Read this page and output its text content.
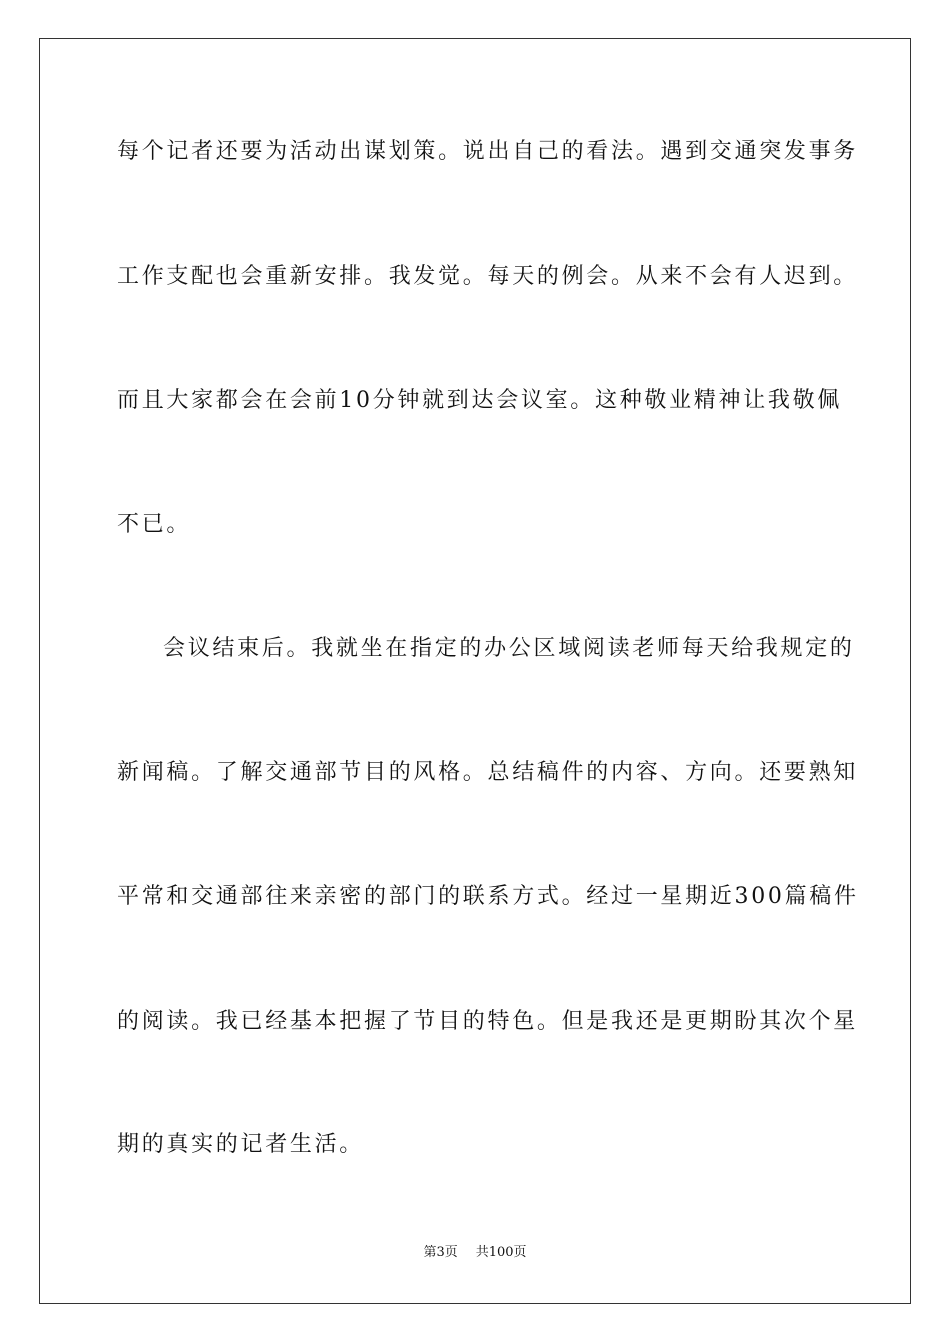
每个记者还要为活动出谋划策。说出自己的看法。遇到交通突发事务
工作支配也会重新安排。我发觉。每天的例会。从来不会有人迟到。
而且大家都会在会前10分钟就到达会议室。这种敬业精神让我敬佩
不已。
会议结束后。我就坐在指定的办公区域阅读老师每天给我规定的
新闻稿。了解交通部节目的风格。总结稿件的内容、方向。还要熟知
平常和交通部往来亲密的部门的联系方式。经过一星期近300篇稿件
的阅读。我已经基本把握了节目的特色。但是我还是更期盼其次个星
期的真实的记者生活。
第3页 共100页
